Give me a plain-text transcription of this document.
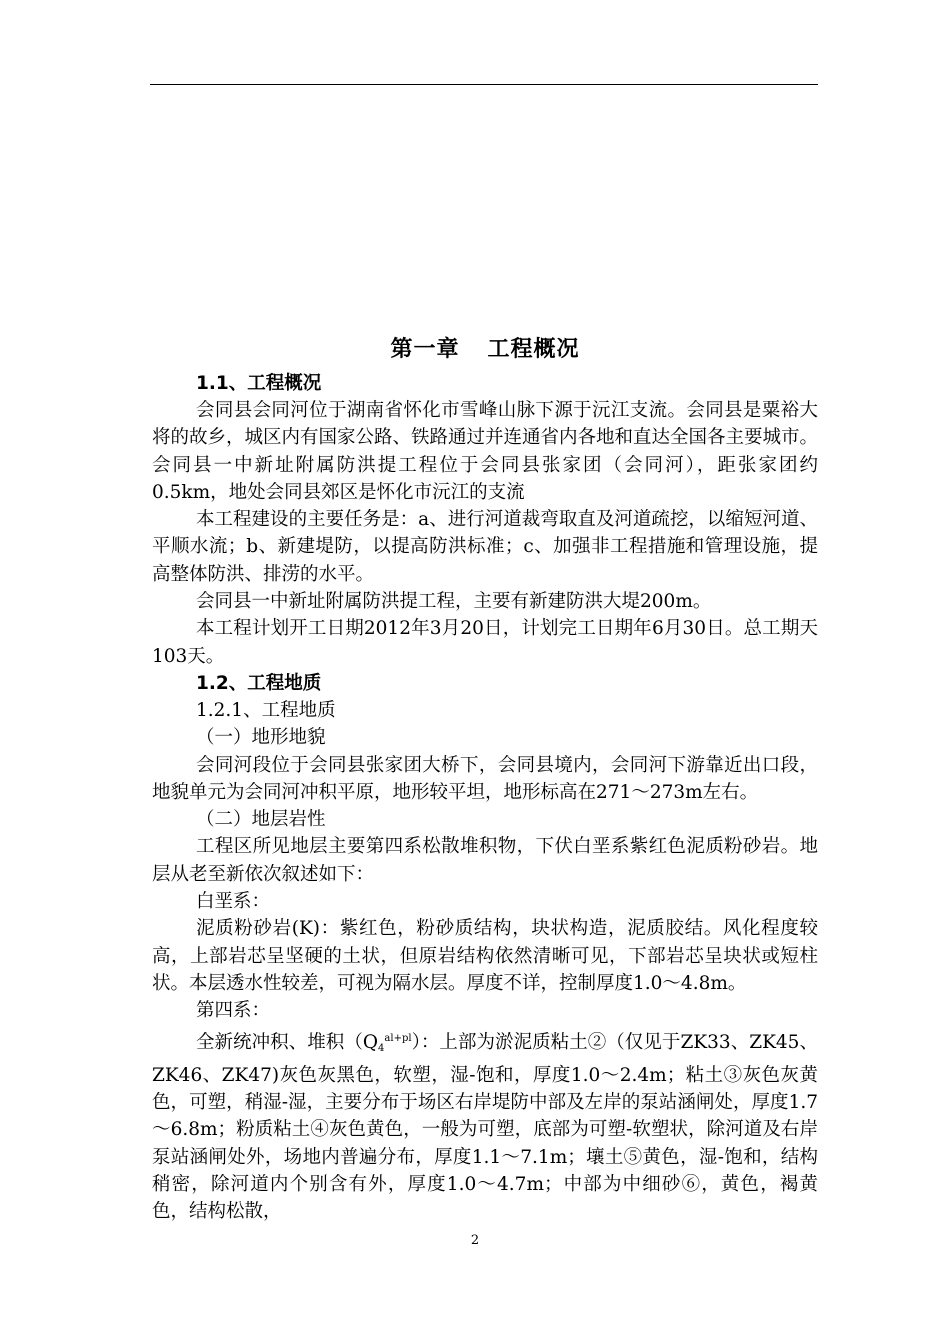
第一章 工程概况
1.1、工程概况

会同县会同河位于湖南省怀化市雪峰山脉下源于沅江支流。会同县是粟裕大将的故乡，城区内有国家公路、铁路通过并连通省内各地和直达全国各主要城市。会同县一中新址附属防洪提工程位于会同县张家团（会同河），距张家团约0.5km，地处会同县郊区是怀化市沅江的支流

本工程建设的主要任务是：a、进行河道裁弯取直及河道疏挖，以缩短河道、平顺水流；b、新建堤防，以提高防洪标准；c、加强非工程措施和管理设施，提高整体防洪、排涝的水平。

会同县一中新址附属防洪提工程，主要有新建防洪大堤200m。

本工程计划开工日期2012年3月20日，计划完工日期年6月30日。总工期天103天。

1.2、工程地质
1.2.1、工程地质
（一）地形地貌

会同河段位于会同县张家团大桥下，会同县境内，会同河下游靠近出口段，地貌单元为会同河冲积平原，地形较平坦，地形标高在271～273m左右。

（二）地层岩性

工程区所见地层主要第四系松散堆积物，下伏白垩系紫红色泥质粉砂岩。地层从老至新依次叙述如下：

白垩系：

泥质粉砂岩(K)：紫红色，粉砂质结构，块状构造，泥质胶结。风化程度较高，上部岩芯呈坚硬的土状，但原岩结构依然清晰可见，下部岩芯呈块状或短柱状。本层透水性较差，可视为隔水层。厚度不详，控制厚度1.0～4.8m。

第四系：

全新统冲积、堆积$(Q_4^{al+pl})$：上部为淤泥质粘土②（仅见于ZK33、ZK45、ZK46、ZK47)灰色灰黑色，软塑，湿-饱和，厚度1.0～2.4m；粘土③灰色灰黄色，可塑，稍湿-湿，主要分布于场区右岸堤防中部及左岸的泵站涵闸处，厚度1.7～6.8m；粉质粘土④灰色黄色，一般为可塑，底部为可塑-软塑状，除河道及右岸泵站涵闸处外，场地内普遍分布，厚度1.1～7.1m；壤土⑤黄色，湿-饱和，结构稍密，除河道内个别含有外，厚度1.0～4.7m；中部为中细砂⑥，黄色，褐黄色，结构松散，

2
